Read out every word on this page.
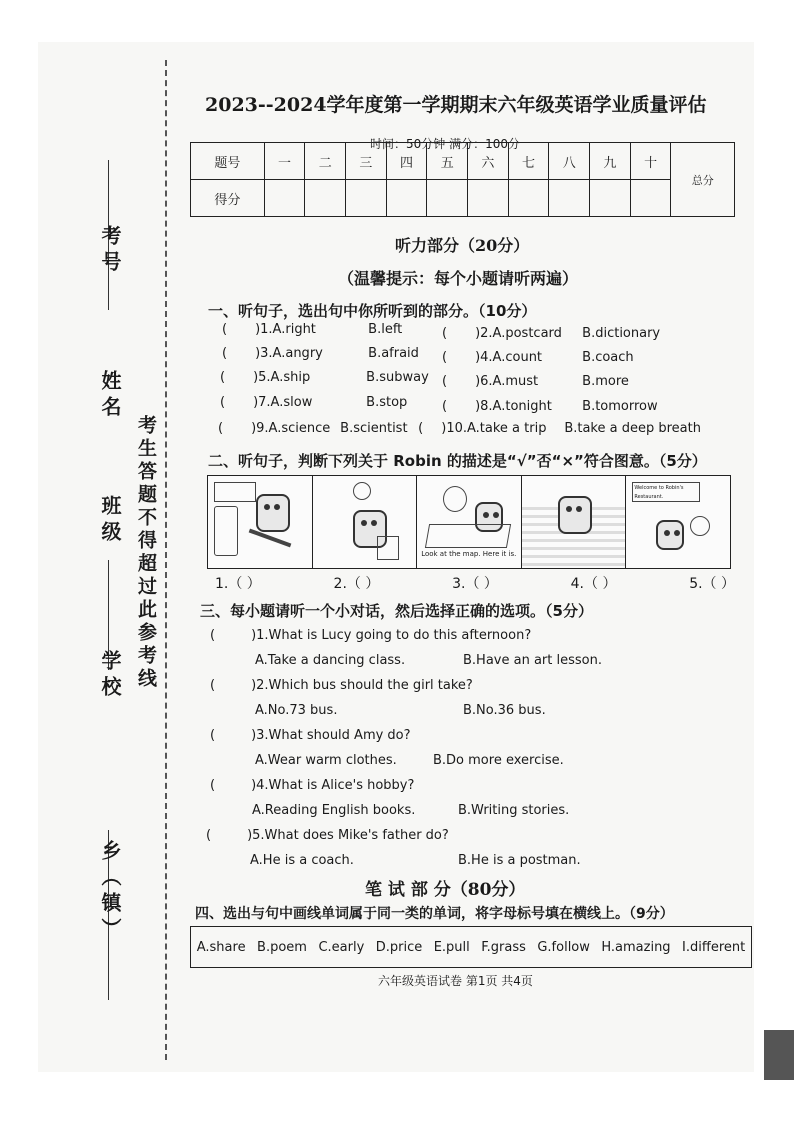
考号
姓名
班级
学校
乡（镇）
考生答题不得超过此参考线
2023--2024学年度第一学期期末六年级英语学业质量评估
时间：50分钟 满分：100分
题号	一	二	三	四	五	六	七	八	九	十	总分
得分											
听力部分（20分）
（温馨提示：每个小题请听两遍）
一、听句子，选出句中你所听到的部分。（10分）
( )1.A.right	B.left	( )2.A.postcard B.dictionary
( )3.A.angry	B.afraid	( )4.A.count	B.coach
( )5.A.ship	B.subway	( )6.A.must	B.more
( )7.A.slow	B.stop	( )8.A.tonight B.tomorrow
( )9.A.science B.scientist ( )10.A.take a trip B.take a deep breath
二、听句子，判断下列关于 Robin 的描述是“√”否“×”符合图意。（5分）
Look at the map. Here it is.
Welcome to Robin's Restaurant.
1.（ ）	2.（ ）	3.（ ）	4.（ ）	5.（ ）
三、每小题请听一个小对话，然后选择正确的选项。（5分）
(	)1.What is Lucy going to do this afternoon?
A.Take a dancing class.	B.Have an art lesson.
(	)2.Which bus should the girl take?
A.No.73 bus.	B.No.36 bus.
(	)3.What should Amy do?
A.Wear warm clothes.	B.Do more exercise.
(	)4.What is Alice's hobby?
A.Reading English books.	B.Writing stories.
(	)5.What does Mike's father do?
A.He is a coach.	B.He is a postman.
笔 试 部 分（80分）
四、选出与句中画线单词属于同一类的单词，将字母标号填在横线上。（9分）
A.share B.poem C.early D.price E.pull F.grass G.follow H.amazing I.different
六年级英语试卷 第1页 共4页
